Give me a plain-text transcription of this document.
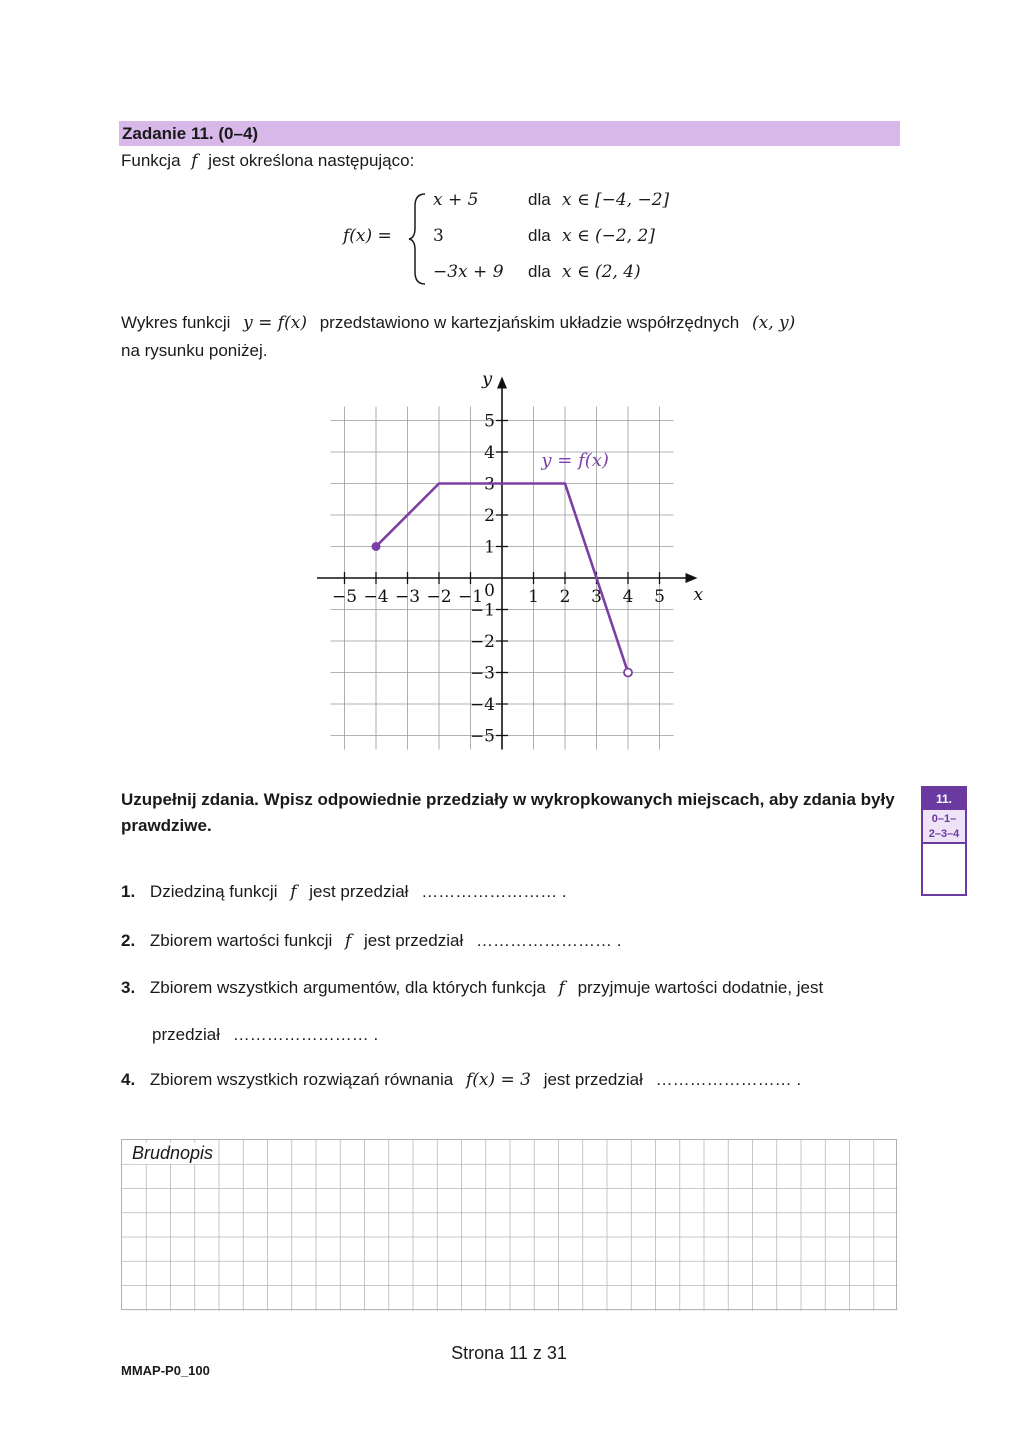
Zadanie 11. (0–4)
Funkcja f jest określona następująco:
f(x) =
x + 5	dla x ∈ [−4, −2]
3	dla x ∈ (−2, 2]
−3x + 9 dla x ∈ (2, 4)
Wykres funkcji y = f(x) przedstawiono w kartezjańskim układzie współrzędnych (x, y)
na rysunku poniżej.
−5 −4 −3 −2 −1	1 2 3 4 5
5
4
3
2
1
−1
−2
−3
−4
−5
0	x
y
y = f(x)
Uzupełnij zdania. Wpisz odpowiednie przedziały w wykropkowanych miejscach, aby zdania były prawdziwe.
11.
0–1–
2–3–4
1. Dziedziną funkcji f jest przedział …………………… .
2. Zbiorem wartości funkcji f jest przedział …………………… .
3. Zbiorem wszystkich argumentów, dla których funkcja f przyjmuje wartości dodatnie, jest
przedział …………………… .
4. Zbiorem wszystkich rozwiązań równania f(x) = 3 jest przedział …………………… .
Brudnopis
Strona 11 z 31
MMAP-P0_100
